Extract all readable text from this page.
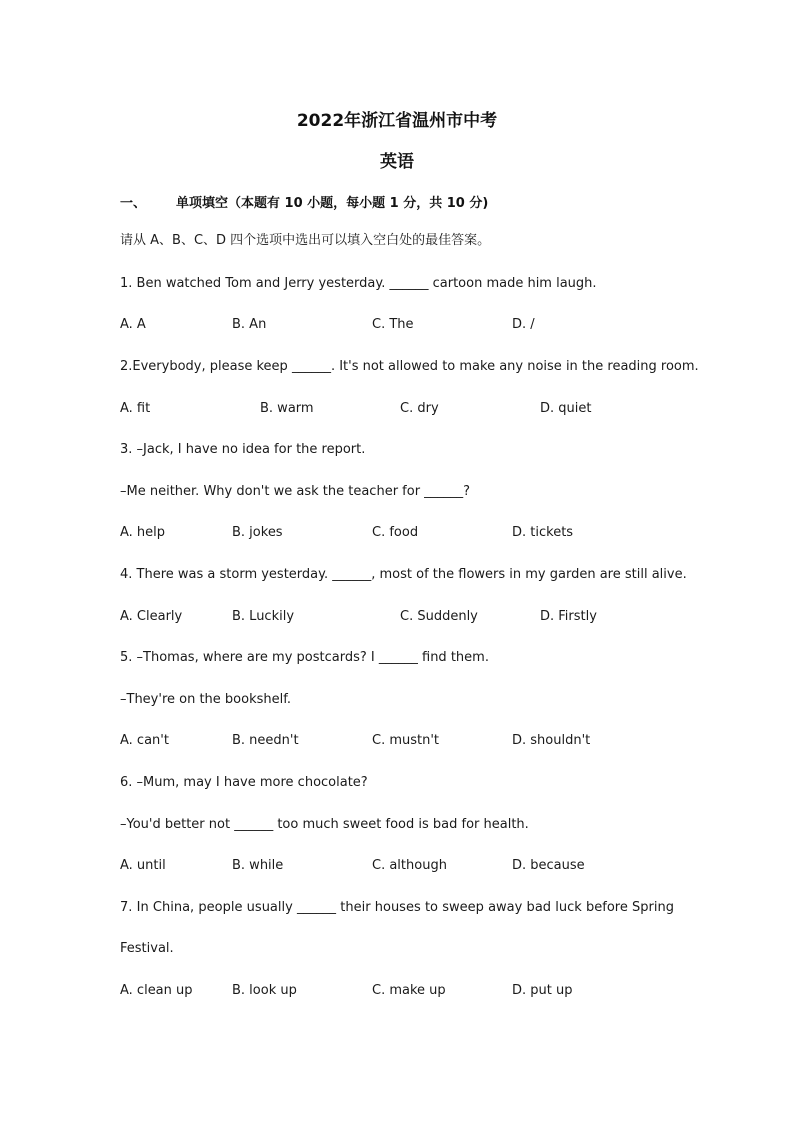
2022年浙江省温州市中考
英语
一、 单项填空（本题有 10 小题，每小题 1 分，共 10 分)
请从 A、B、C、D 四个选项中选出可以填入空白处的最佳答案。
1. Ben watched Tom and Jerry yesterday. ______ cartoon made him laugh.
A. A	B. An	C. The	D. /
2.Everybody, please keep ______. It's not allowed to make any noise in the reading room.
A. fit	B. warm	C. dry	D. quiet
3. –Jack, I have no idea for the report.
–Me neither. Why don't we ask the teacher for ______?
A. help	B. jokes	C. food	D. tickets
4. There was a storm yesterday. ______, most of the flowers in my garden are still alive.
A. Clearly	B. Luckily	C. Suddenly	D. Firstly
5. –Thomas, where are my postcards? I ______ find them.
–They're on the bookshelf.
A. can't	B. needn't	C. mustn't	D. shouldn't
6. –Mum, may I have more chocolate?
–You'd better not ______ too much sweet food is bad for health.
A. until	B. while	C. although	D. because
7. In China, people usually ______ their houses to sweep away bad luck before Spring
Festival.
A. clean up	B. look up	C. make up	D. put up
